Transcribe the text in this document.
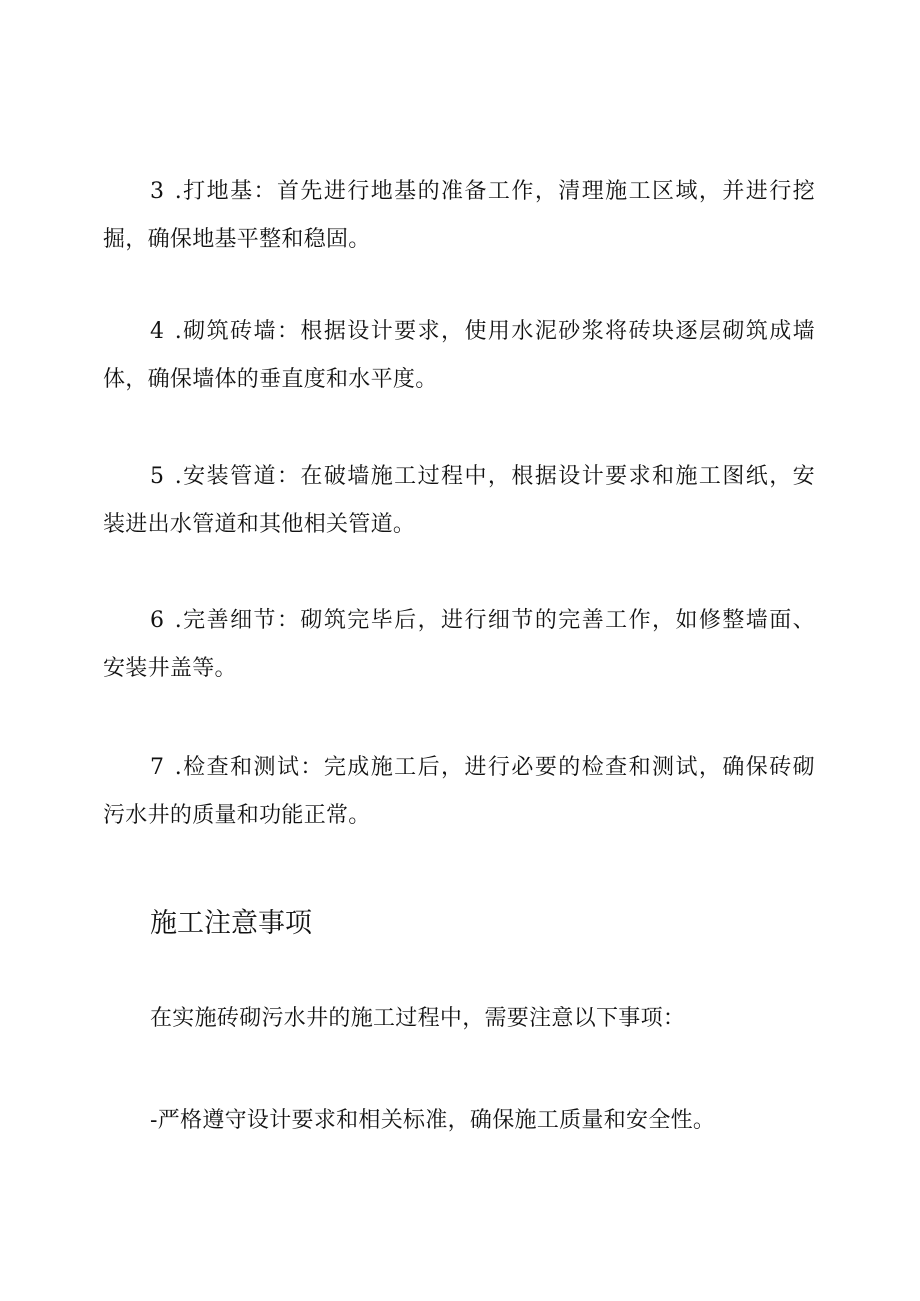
3 .打地基：首先进行地基的准备工作，清理施工区域，并进行挖
掘，确保地基平整和稳固。
4 .砌筑砖墙：根据设计要求，使用水泥砂浆将砖块逐层砌筑成墙
体，确保墙体的垂直度和水平度。
5 .安装管道：在破墙施工过程中，根据设计要求和施工图纸，安
装进出水管道和其他相关管道。
6 .完善细节：砌筑完毕后，进行细节的完善工作，如修整墙面、
安装井盖等。
7 .检查和测试：完成施工后，进行必要的检查和测试，确保砖砌
污水井的质量和功能正常。
施工注意事项

在实施砖砌污水井的施工过程中，需要注意以下事项：

-严格遵守设计要求和相关标准，确保施工质量和安全性。
